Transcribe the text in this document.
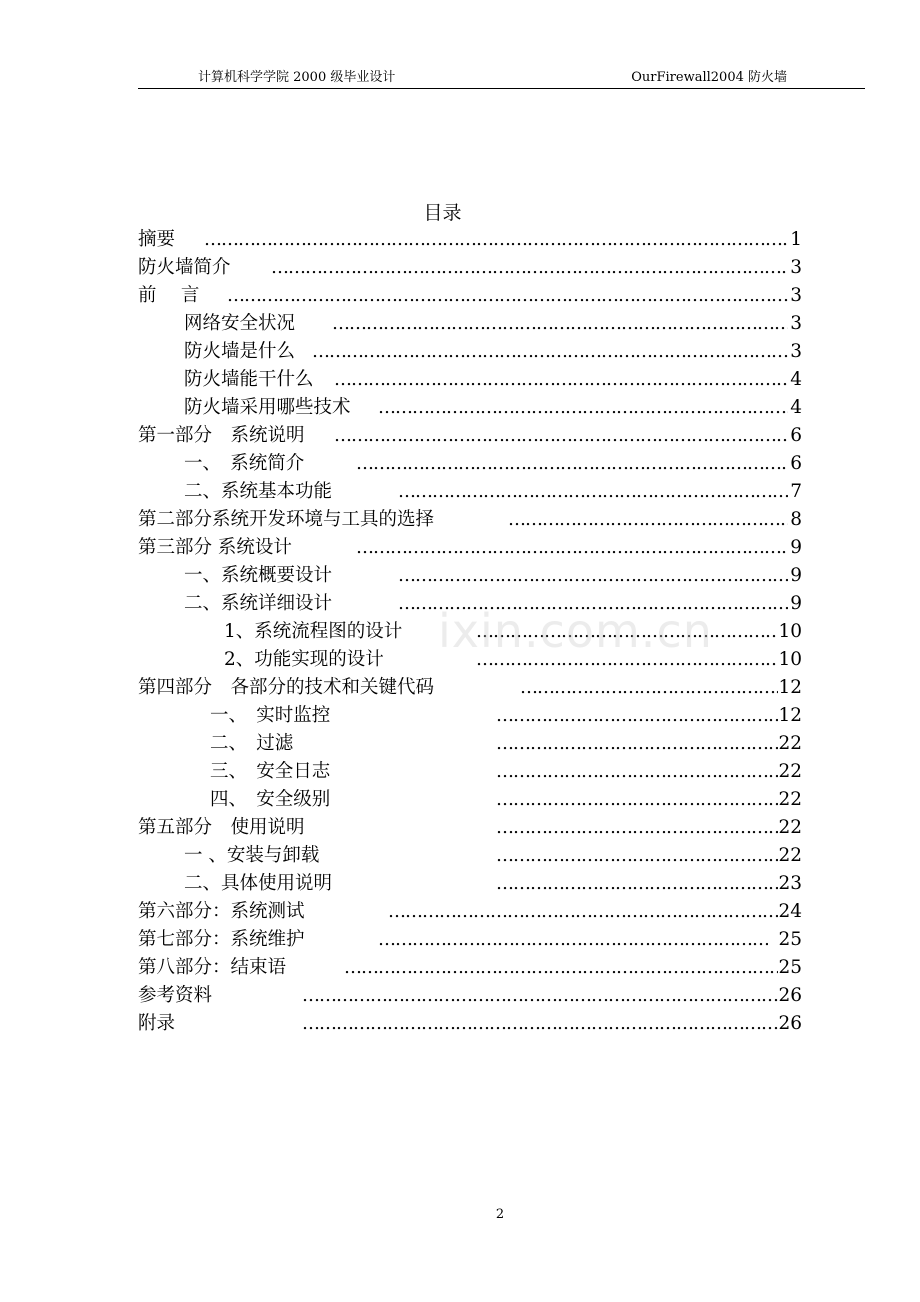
计算机科学学院 2000 级毕业设计	OurFirewall2004 防火墙
目录
摘要 …………………………………………………………………………………………………………………………………………………………………………………………	1
防火墙简介 …………………………………………………………………………………………………………………………………………………………………………………………	3
前　 言 …………………………………………………………………………………………………………………………………………………………………………………………	3
网络安全状况 …………………………………………………………………………………………………………………………………………………………………………………………	3
防火墙是什么 …………………………………………………………………………………………………………………………………………………………………………………………	3
防火墙能干什么 …………………………………………………………………………………………………………………………………………………………………………………………	4
防火墙采用哪些技术 …………………………………………………………………………………………………………………………………………………………………………………………	4
第一部分　系统说明 …………………………………………………………………………………………………………………………………………………………………………………………	6
一、　系统简介 …………………………………………………………………………………………………………………………………………………………………………………………	6
二、系统基本功能 …………………………………………………………………………………………………………………………………………………………………………………………	7
第二部分系统开发环境与工具的选择 …………………………………………………………………………………………………………………………………………………………………………………………	8
第三部分 系统设计 …………………………………………………………………………………………………………………………………………………………………………………………	9
一、系统概要设计 …………………………………………………………………………………………………………………………………………………………………………………………	9
二、系统详细设计 …………………………………………………………………………………………………………………………………………………………………………………………	9
1、系统流程图的设计 …………………………………………………………………………………………………………………………………………………………………………………………	10
2、功能实现的设计 …………………………………………………………………………………………………………………………………………………………………………………………	10
第四部分　各部分的技术和关键代码 …………………………………………………………………………………………………………………………………………………………………………………………	12
一、　实时监控 …………………………………………………………………………………………………………………………………………………………………………………………	12
二、　过滤 …………………………………………………………………………………………………………………………………………………………………………………………	22
三、　安全日志 …………………………………………………………………………………………………………………………………………………………………………………………	22
四、　安全级别 …………………………………………………………………………………………………………………………………………………………………………………………	22
第五部分　使用说明 …………………………………………………………………………………………………………………………………………………………………………………………	22
一 、安装与卸载 …………………………………………………………………………………………………………………………………………………………………………………………	22
二、具体使用说明 …………………………………………………………………………………………………………………………………………………………………………………………	23
第六部分：系统测试 …………………………………………………………………………………………………………………………………………………………………………………………	24
第七部分：系统维护 …………………………………………………………………………………………………………………………………………………………………………………………	25
第八部分：结束语 …………………………………………………………………………………………………………………………………………………………………………………………	25
参考资料 …………………………………………………………………………………………………………………………………………………………………………………………	26
附录 …………………………………………………………………………………………………………………………………………………………………………………………	26
ixin.com.cn
2
